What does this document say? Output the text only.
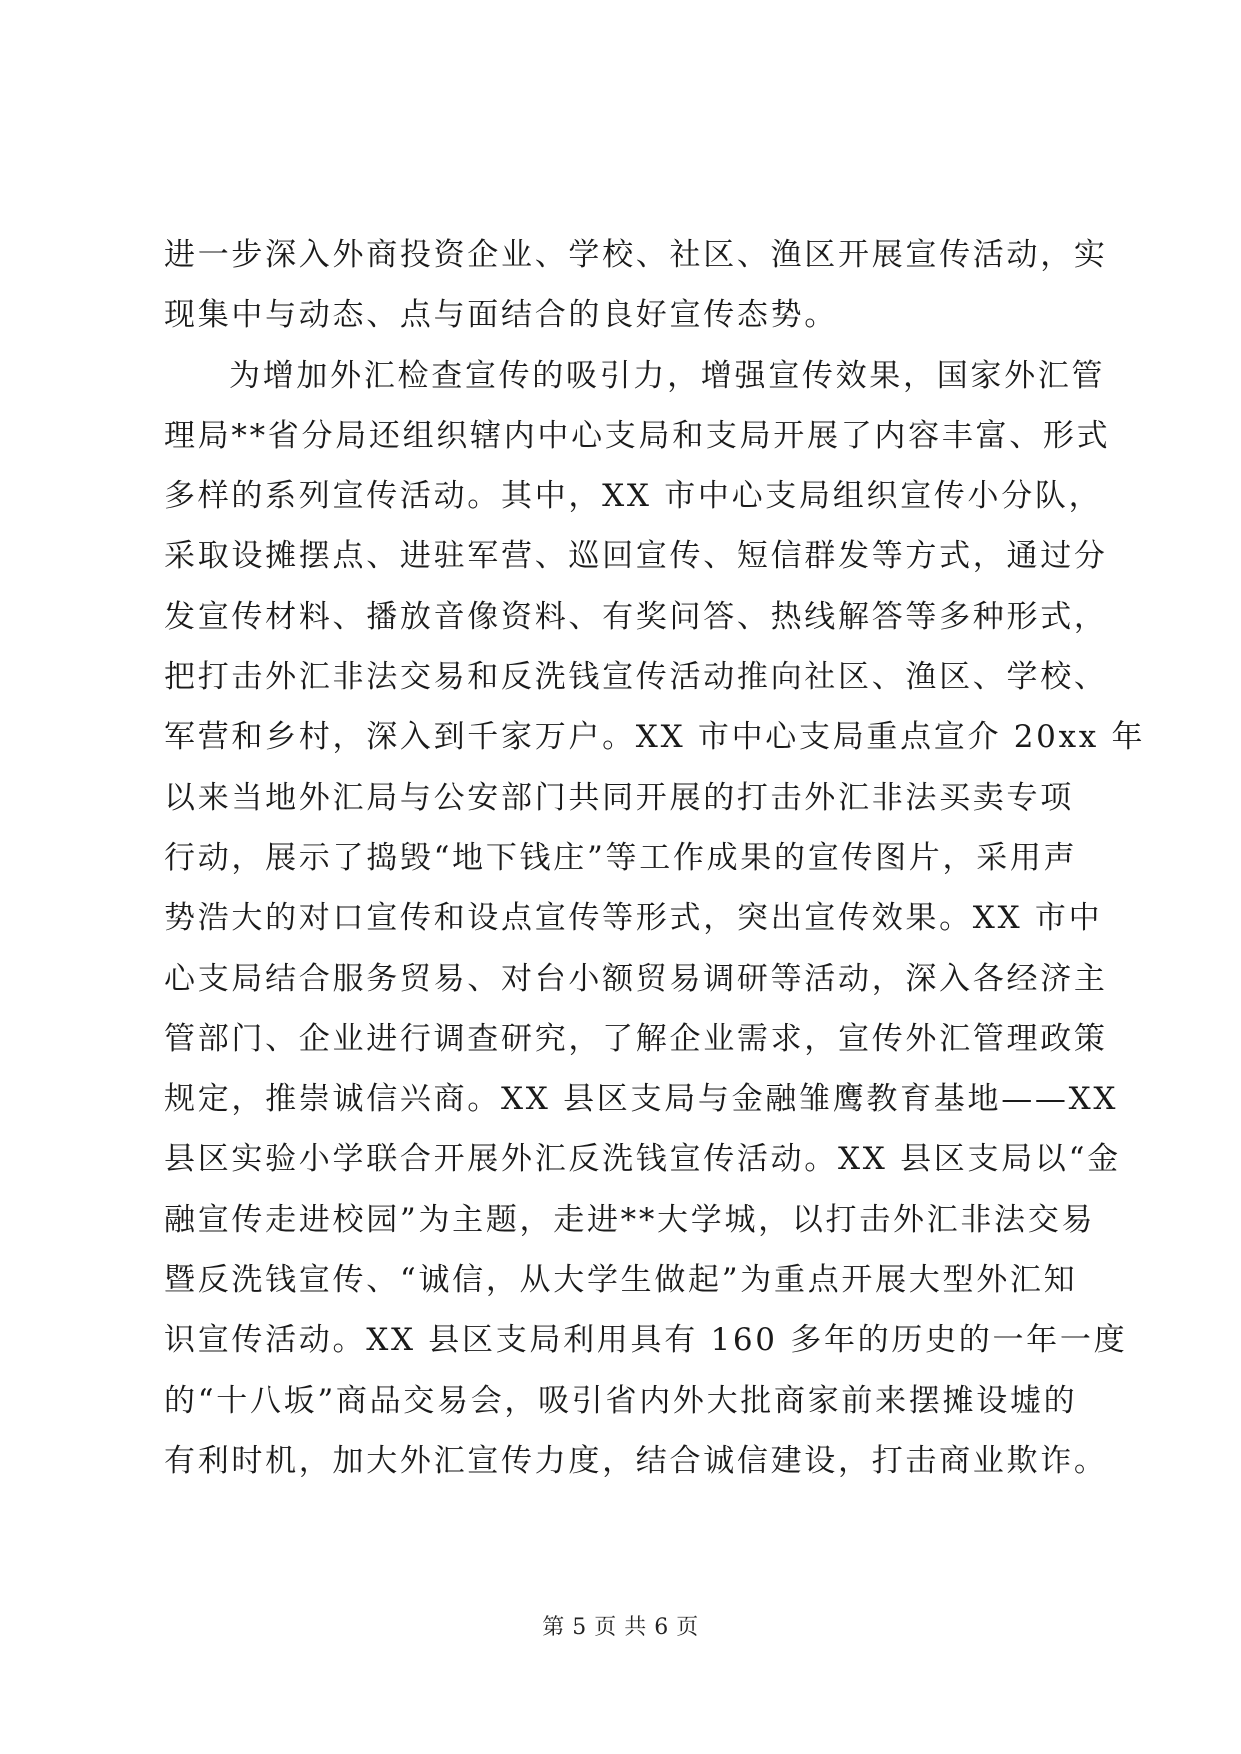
进一步深入外商投资企业、学校、社区、渔区开展宣传活动，实
现集中与动态、点与面结合的良好宣传态势。
为增加外汇检查宣传的吸引力，增强宣传效果，国家外汇管
理局**省分局还组织辖内中心支局和支局开展了内容丰富、形式
多样的系列宣传活动。其中，XX 市中心支局组织宣传小分队，
采取设摊摆点、进驻军营、巡回宣传、短信群发等方式，通过分
发宣传材料、播放音像资料、有奖问答、热线解答等多种形式，
把打击外汇非法交易和反洗钱宣传活动推向社区、渔区、学校、
军营和乡村，深入到千家万户。XX 市中心支局重点宣介 20xx 年
以来当地外汇局与公安部门共同开展的打击外汇非法买卖专项
行动，展示了捣毁“地下钱庄”等工作成果的宣传图片，采用声
势浩大的对口宣传和设点宣传等形式，突出宣传效果。XX 市中
心支局结合服务贸易、对台小额贸易调研等活动，深入各经济主
管部门、企业进行调查研究，了解企业需求，宣传外汇管理政策
规定，推崇诚信兴商。XX 县区支局与金融雏鹰教育基地——XX
县区实验小学联合开展外汇反洗钱宣传活动。XX 县区支局以“金
融宣传走进校园”为主题，走进**大学城，以打击外汇非法交易
暨反洗钱宣传、“诚信，从大学生做起”为重点开展大型外汇知
识宣传活动。XX 县区支局利用具有 160 多年的历史的一年一度
的“十八坂”商品交易会，吸引省内外大批商家前来摆摊设墟的
有利时机，加大外汇宣传力度，结合诚信建设，打击商业欺诈。
第 5 页 共 6 页
